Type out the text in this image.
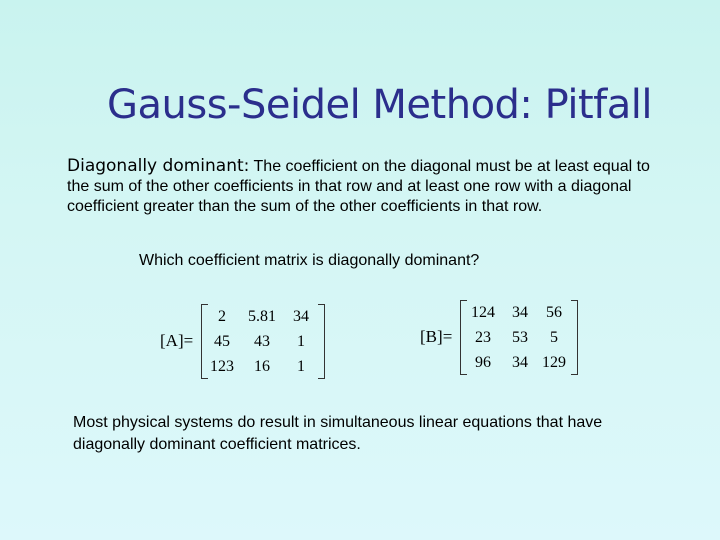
Gauss-Seidel Method: Pitfall
Diagonally dominant: The coefficient on the diagonal must be at least equal to the sum of the other coefficients in that row and at least one row with a diagonal coefficient greater than the sum of the other coefficients in that row.
Which coefficient matrix is diagonally dominant?
[A]=
2	5.81	34
45	43	1
123	16	1
[B]=
124	34	56
23	53	5
96	34 129
Most physical systems do result in simultaneous linear equations that have diagonally dominant coefficient matrices.
